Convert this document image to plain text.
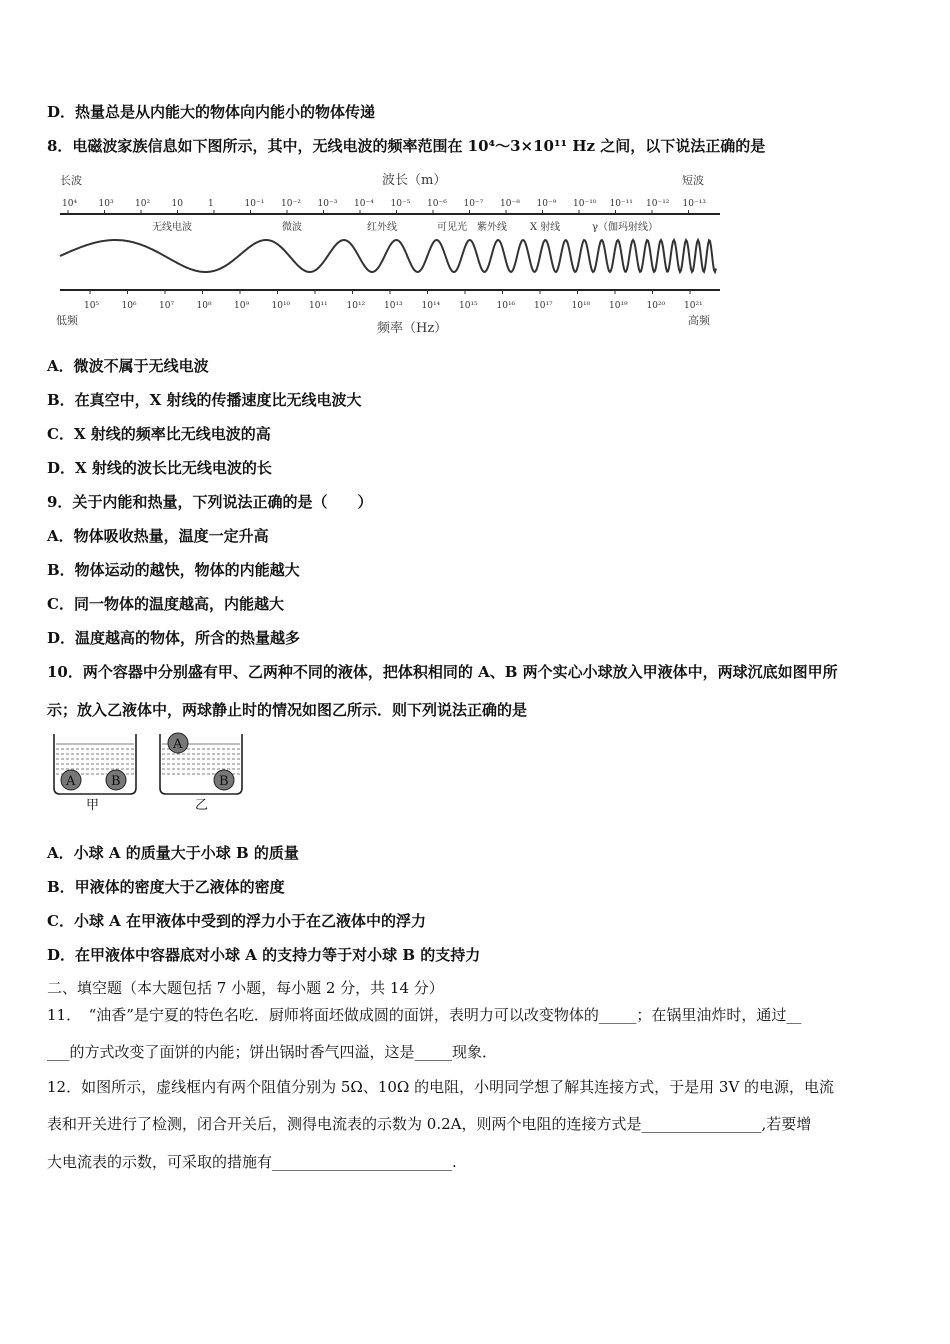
D．热量总是从内能大的物体向内能小的物体传递
8．电磁波家族信息如下图所示，其中，无线电波的频率范围在 10⁴～3×10¹¹ Hz 之间，以下说法正确的是
长波	短波
波长（m）
10⁴ 10³ 10² 10	1	10⁻¹ 10⁻² 10⁻³ 10⁻⁴ 10⁻⁵ 10⁻⁶ 10⁻⁷ 10⁻⁸ 10⁻⁹ 10⁻¹⁰ 10⁻¹¹ 10⁻¹² 10⁻¹³
无线电波	微波	红外线	可见光 紫外线 X 射线	γ（伽玛射线）
10⁵ 10⁶ 10⁷ 10⁸ 10⁹ 10¹⁰ 10¹¹ 10¹² 10¹³ 10¹⁴ 10¹⁵ 10¹⁶ 10¹⁷ 10¹⁸ 10¹⁹ 10²⁰ 10²¹
低频	高频
频率（Hz）
A．微波不属于无线电波
B．在真空中，X 射线的传播速度比无线电波大
C．X 射线的频率比无线电波的高
D．X 射线的波长比无线电波的长
9．关于内能和热量，下列说法正确的是（　　）
A．物体吸收热量，温度一定升高
B．物体运动的越快，物体的内能越大
C．同一物体的温度越高，内能越大
D．温度越高的物体，所含的热量越多
10．两个容器中分别盛有甲、乙两种不同的液体，把体积相同的 A、B 两个实心小球放入甲液体中，两球沉底如图甲所
示；放入乙液体中，两球静止时的情况如图乙所示．则下列说法正确的是
A	B
甲
A
B
乙
A．小球 A 的质量大于小球 B 的质量
B．甲液体的密度大于乙液体的密度
C．小球 A 在甲液体中受到的浮力小于在乙液体中的浮力
D．在甲液体中容器底对小球 A 的支持力等于对小球 B 的支持力
二、填空题（本大题包括 7 小题，每小题 2 分，共 14 分）
11．　“油香”是宁夏的特色名吃．厨师将面坯做成圆的面饼，表明力可以改变物体的_____；在锅里油炸时，通过__
___的方式改变了面饼的内能；饼出锅时香气四溢，这是_____现象．
12．如图所示，虚线框内有两个阻值分别为 5Ω、10Ω 的电阻，小明同学想了解其连接方式，于是用 3V 的电源，电流
表和开关进行了检测，闭合开关后，测得电流表的示数为 0.2A，则两个电阻的连接方式是________________,若要增
大电流表的示数，可采取的措施有________________________.
